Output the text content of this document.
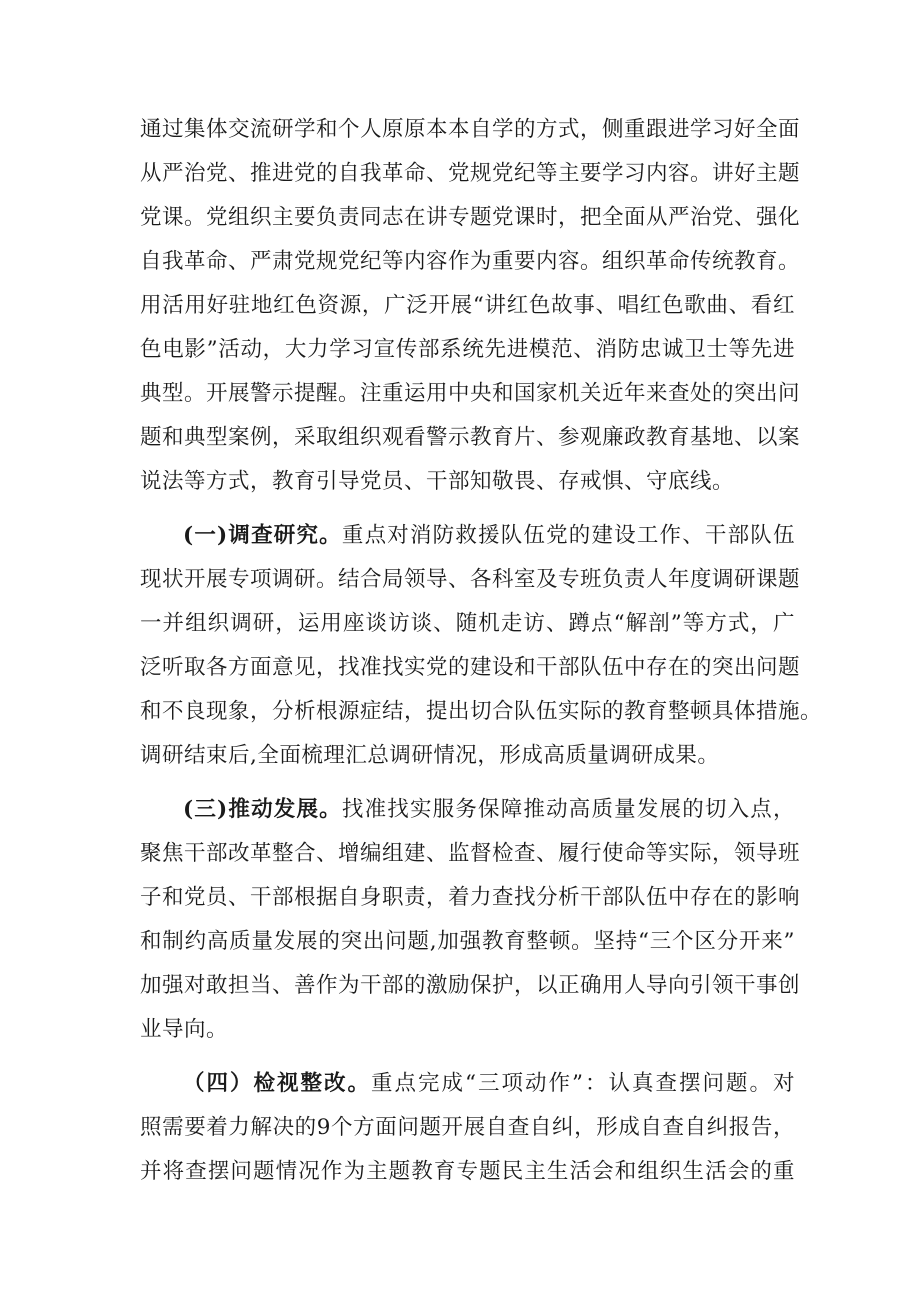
通过集体交流研学和个人原原本本自学的方式，侧重跟进学习好全面
从严治党、推进党的自我革命、党规党纪等主要学习内容。讲好主题
党课。党组织主要负责同志在讲专题党课时，把全面从严治党、强化
自我革命、严肃党规党纪等内容作为重要内容。组织革命传统教育。
用活用好驻地红色资源，广泛开展“讲红色故事、唱红色歌曲、看红
色电影”活动，大力学习宣传部系统先进模范、消防忠诚卫士等先进
典型。开展警示提醒。注重运用中央和国家机关近年来查处的突出问
题和典型案例，采取组织观看警示教育片、参观廉政教育基地、以案
说法等方式，教育引导党员、干部知敬畏、存戒惧、守底线。
(一)调查研究。重点对消防救援队伍党的建设工作、干部队伍
现状开展专项调研。结合局领导、各科室及专班负责人年度调研课题
一并组织调研，运用座谈访谈、随机走访、蹲点“解剖”等方式，广
泛听取各方面意见，找准找实党的建设和干部队伍中存在的突出问题
和不良现象，分析根源症结，提出切合队伍实际的教育整顿具体措施。
调研结束后,全面梳理汇总调研情况，形成高质量调研成果。
(三)推动发展。找准找实服务保障推动高质量发展的切入点，
聚焦干部改革整合、增编组建、监督检查、履行使命等实际，领导班
子和党员、干部根据自身职责，着力查找分析干部队伍中存在的影响
和制约高质量发展的突出问题,加强教育整顿。坚持“三个区分开来”
加强对敢担当、善作为干部的激励保护，以正确用人导向引领干事创
业导向。
（四）检视整改。重点完成“三项动作”：认真查摆问题。对
照需要着力解决的9个方面问题开展自查自纠，形成自查自纠报告，
并将查摆问题情况作为主题教育专题民主生活会和组织生活会的重
